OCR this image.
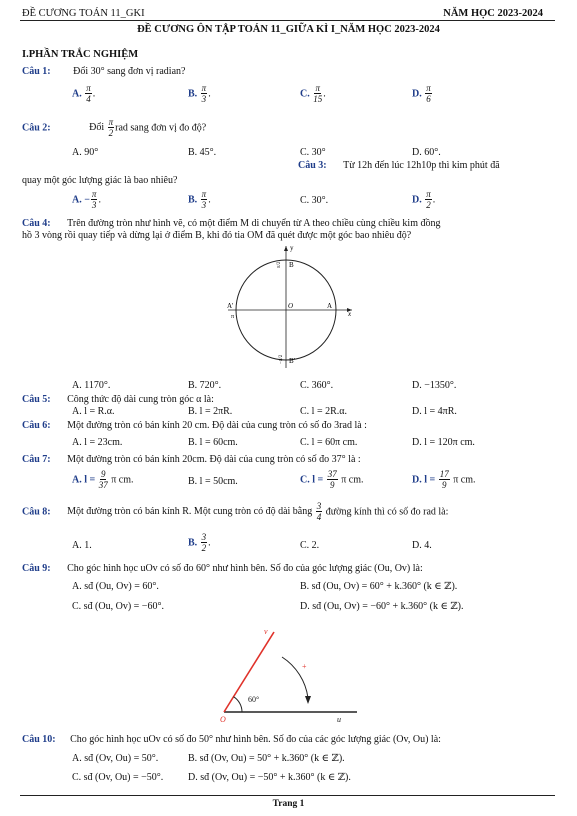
ĐỀ CƯƠNG TOÁN 11_GKI	NĂM HỌC 2023-2024
ĐỀ CƯƠNG ÔN TẬP TOÁN 11_GIỮA KÌ I_NĂM HỌC 2023-2024
I.PHẦN TRẮC NGHIỆM
Câu 1: Đổi 30° sang đơn vị radian?
A. $\frac{\pi}{4}$ .	B. $\frac{\pi}{3}$ .	C. $\frac{\pi}{15}$ .	D. $\frac{\pi}{6}$
Câu 2:	Đổi $\frac{\pi}{2}$ rad sang đơn vị đo độ?
A. 90°	B. 45°.	C. 30°	D. 60°.
Câu 3: Từ 12h đến lúc 12h10p thì kim phút đã
quay một góc lượng giác là bao nhiêu?
A. − $\frac{\pi}{3}$ .	B. $\frac{\pi}{3}$ .	C. 30°.	D. $\frac{\pi}{2}$ .
Câu 4: Trên đường tròn như hình vẽ, có một điểm M di chuyển từ A theo chiều cùng chiều kim đồng
hồ 3 vòng rồi quay tiếp và dừng lại ở điểm B, khi đó tia OM đã quét được một góc bao nhiêu độ?
y
x
B
B'
A
A'
π
O
π/2
−π/2
A. 1170°.	B. 720°.	C. 360°.	D. −1350°.
Câu 5: Công thức độ dài cung tròn góc α là:
A. l = R.α.	B. l = 2πR.	C. l = 2R.α.	D. l = 4πR.
Câu 6: Một đường tròn có bán kính 20 cm. Độ dài của cung tròn có số đo 3rad là :
A. l = 23cm.	B. l = 60cm.	C. l = 60π cm.	D. l = 120π cm.
Câu 7: Một đường tròn có bán kính 20cm. Độ dài của cung tròn có số đo 37° là :
A. $l = \frac{9}{37}$ π cm.	B. l = 50cm.	C. $l = \frac{37}{9}$ π cm.	D. $l = \frac{17}{9}$ π cm.
Câu 8: Một đường tròn có bán kính R. Một cung tròn có độ dài bằng $\frac{3}{4}$ đường kính thì có số đo rad là:
A. 1.	B. $\frac{3}{2}$ .	C. 2.	D. 4.
Câu 9: Cho góc hình học uOv có số đo 60° như hình bên. Số đo của góc lượng giác (Ou, Ov) là:
A. sđ (Ou, Ov) = 60°.	B. sđ (Ou, Ov) = 60° + k.360° (k ∈ ℤ).
C. sđ (Ou, Ov) = −60°.	D. sđ (Ou, Ov) = −60° + k.360° (k ∈ ℤ).
v
u
O
60°
+
Câu 10: Cho góc hình học uOv có số đo 50° như hình bên. Số đo của các góc lượng giác (Ov, Ou) là:
A. sđ (Ov, Ou) = 50°.	B. sđ (Ov, Ou) = 50° + k.360° (k ∈ ℤ).
C. sđ (Ov, Ou) = −50°. D. sđ (Ov, Ou) = −50° + k.360° (k ∈ ℤ).
Trang 1
